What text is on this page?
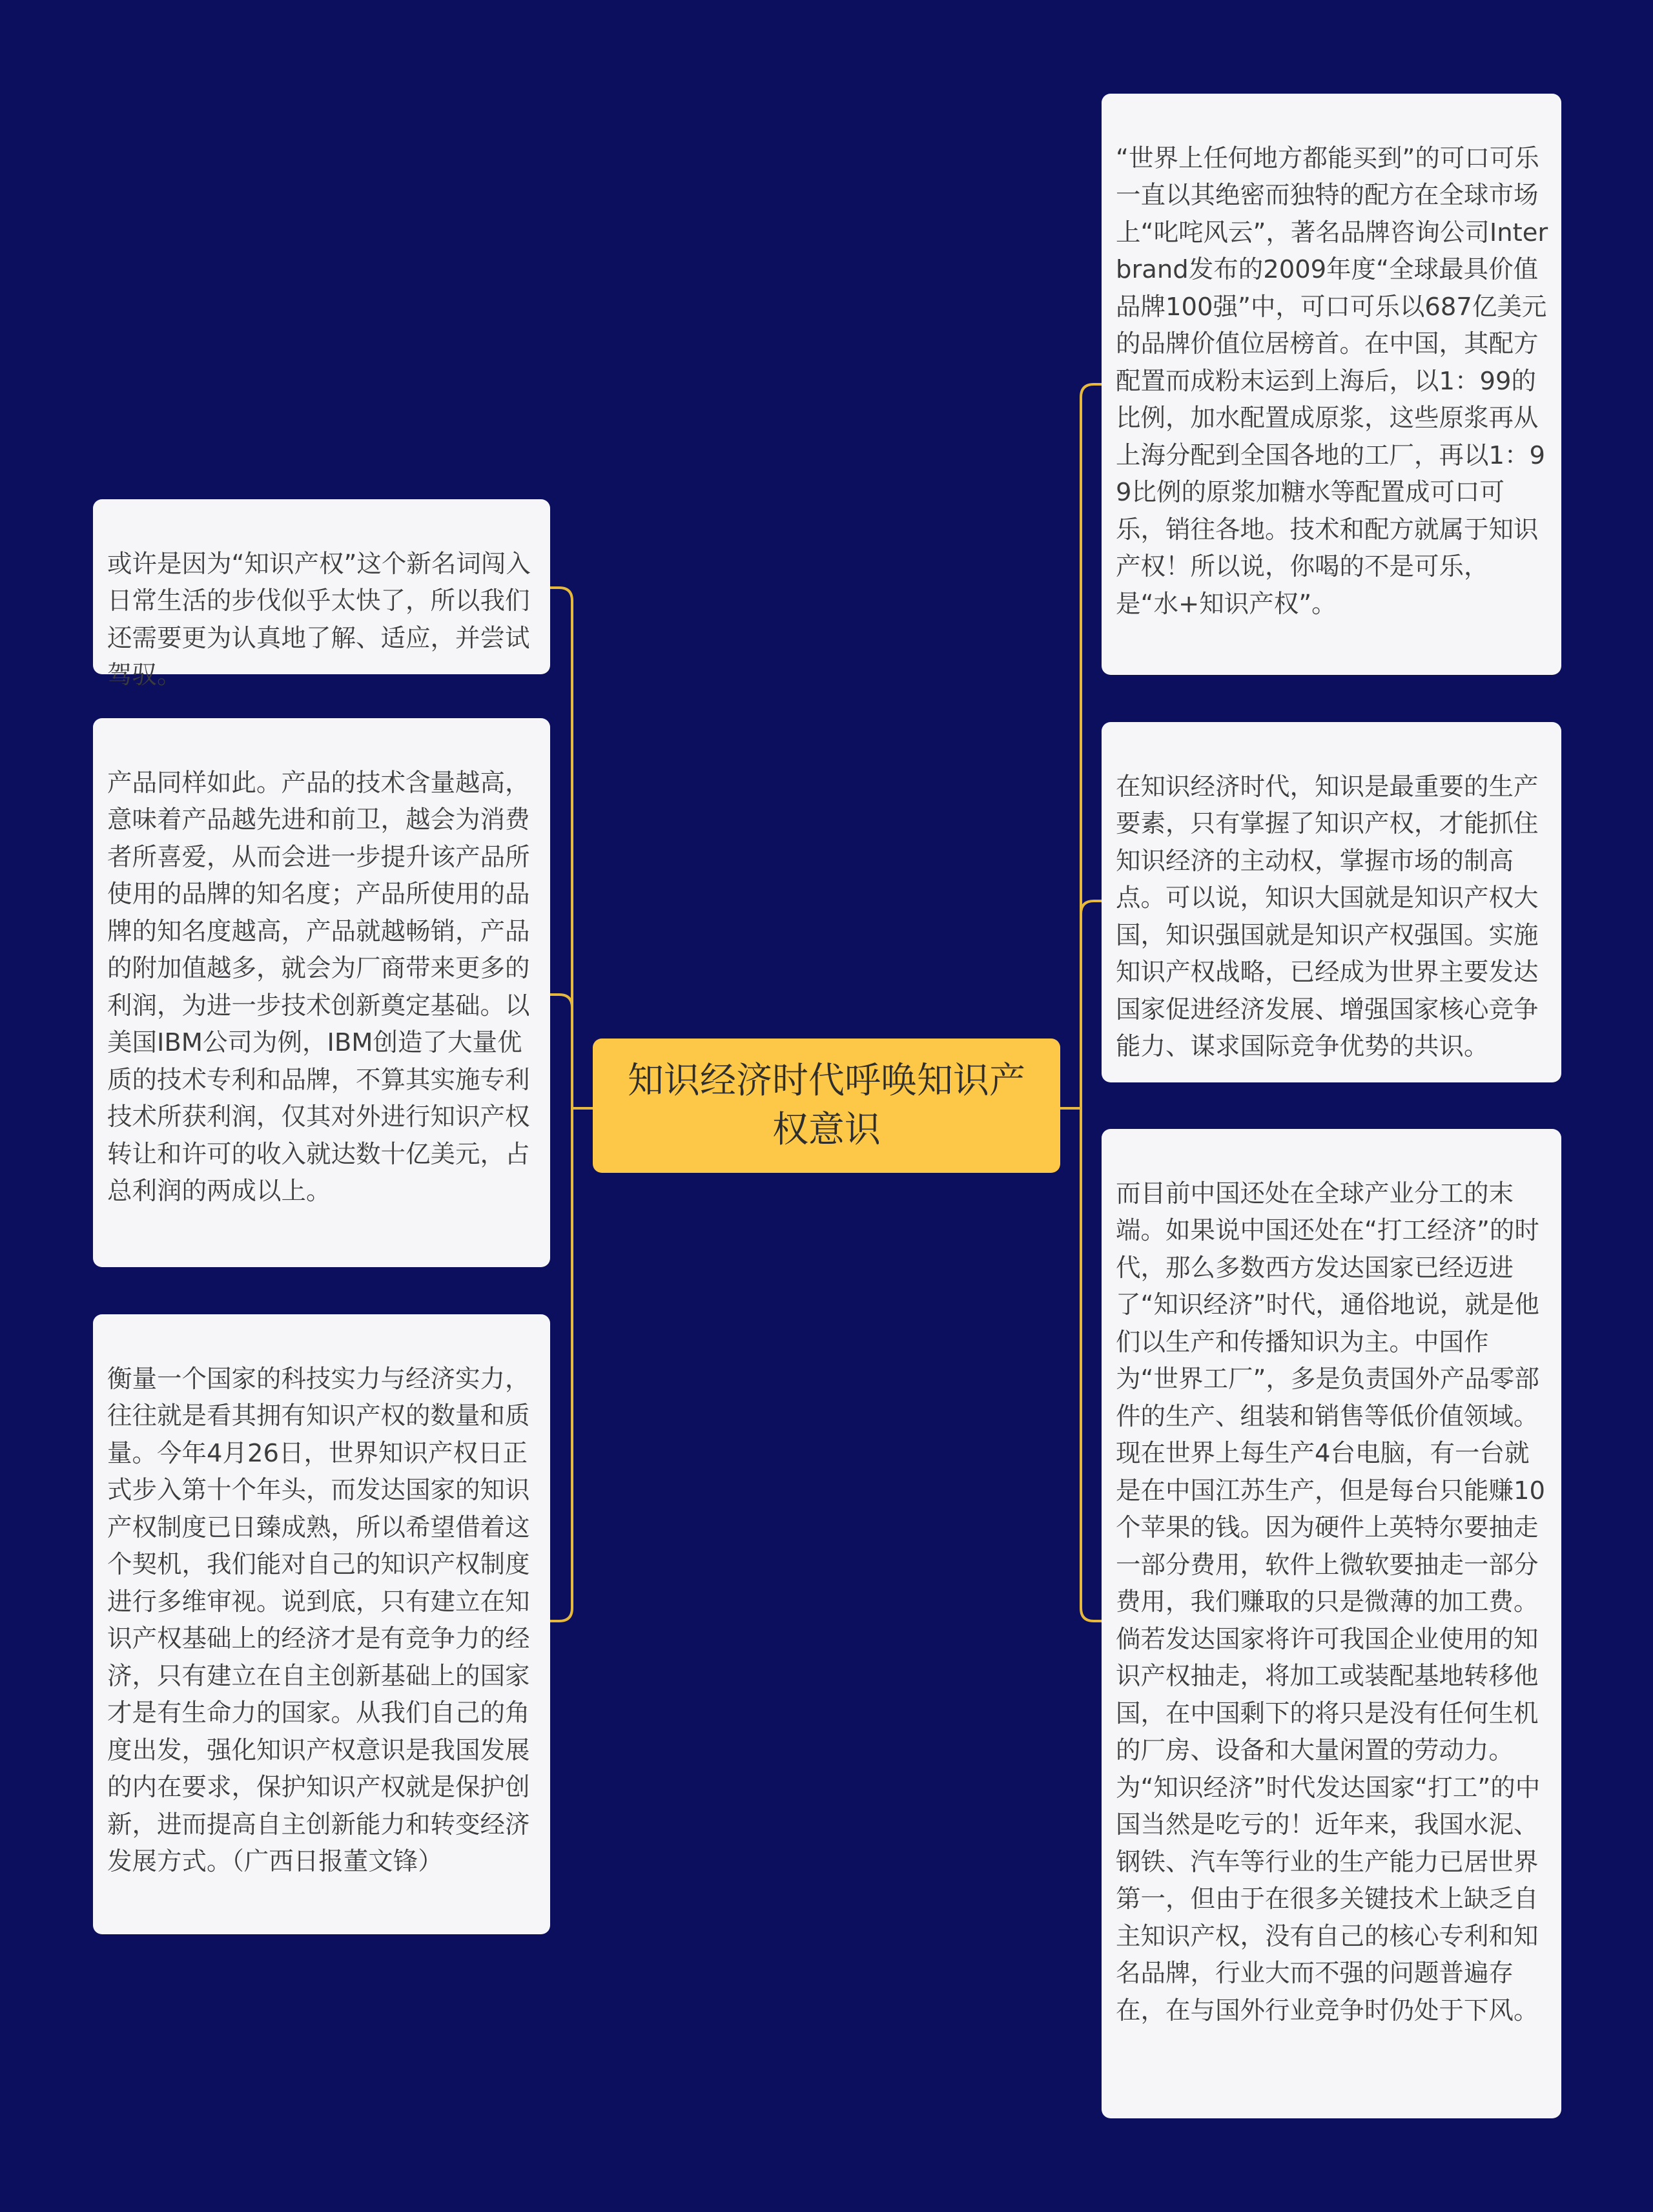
知识经济时代呼唤知识产权意识

或许是因为“知识产权”这个新名词闯入日常生活的步伐似乎太快了，所以我们还需要更为认真地了解、适应，并尝试驾驭。

产品同样如此。产品的技术含量越高，意味着产品越先进和前卫，越会为消费者所喜爱，从而会进一步提升该产品所使用的品牌的知名度；产品所使用的品牌的知名度越高，产品就越畅销，产品的附加值越多，就会为厂商带来更多的利润，为进一步技术创新奠定基础。以美国IBM公司为例，IBM创造了大量优质的技术专利和品牌，不算其实施专利技术所获利润，仅其对外进行知识产权转让和许可的收入就达数十亿美元，占总利润的两成以上。

衡量一个国家的科技实力与经济实力，往往就是看其拥有知识产权的数量和质量。今年4月26日，世界知识产权日正式步入第十个年头，而发达国家的知识产权制度已日臻成熟，所以希望借着这个契机，我们能对自己的知识产权制度进行多维审视。说到底，只有建立在知识产权基础上的经济才是有竞争力的经济，只有建立在自主创新基础上的国家才是有生命力的国家。从我们自己的角度出发，强化知识产权意识是我国发展的内在要求，保护知识产权就是保护创新，进而提高自主创新能力和转变经济发展方式。（广西日报董文锋）

“世界上任何地方都能买到”的可口可乐一直以其绝密而独特的配方在全球市场上“叱咤风云”，著名品牌咨询公司Interbrand发布的2009年度“全球最具价值品牌100强”中，可口可乐以687亿美元的品牌价值位居榜首。在中国，其配方配置而成粉末运到上海后，以1：99的比例，加水配置成原浆，这些原浆再从上海分配到全国各地的工厂，再以1：99比例的原浆加糖水等配置成可口可乐，销往各地。技术和配方就属于知识产权！所以说，你喝的不是可乐，是“水+知识产权”。

在知识经济时代，知识是最重要的生产要素，只有掌握了知识产权，才能抓住知识经济的主动权，掌握市场的制高点。可以说，知识大国就是知识产权大国，知识强国就是知识产权强国。实施知识产权战略，已经成为世界主要发达国家促进经济发展、增强国家核心竞争能力、谋求国际竞争优势的共识。

而目前中国还处在全球产业分工的末端。如果说中国还处在“打工经济”的时代，那么多数西方发达国家已经迈进了“知识经济”时代，通俗地说，就是他们以生产和传播知识为主。中国作为“世界工厂”，多是负责国外产品零部件的生产、组装和销售等低价值领域。现在世界上每生产4台电脑，有一台就是在中国江苏生产，但是每台只能赚10个苹果的钱。因为硬件上英特尔要抽走一部分费用，软件上微软要抽走一部分费用，我们赚取的只是微薄的加工费。倘若发达国家将许可我国企业使用的知识产权抽走，将加工或装配基地转移他国，在中国剩下的将只是没有任何生机的厂房、设备和大量闲置的劳动力。为“知识经济”时代发达国家“打工”的中国当然是吃亏的！近年来，我国水泥、钢铁、汽车等行业的生产能力已居世界第一，但由于在很多关键技术上缺乏自主知识产权，没有自己的核心专利和知名品牌，行业大而不强的问题普遍存在，在与国外行业竞争时仍处于下风。
